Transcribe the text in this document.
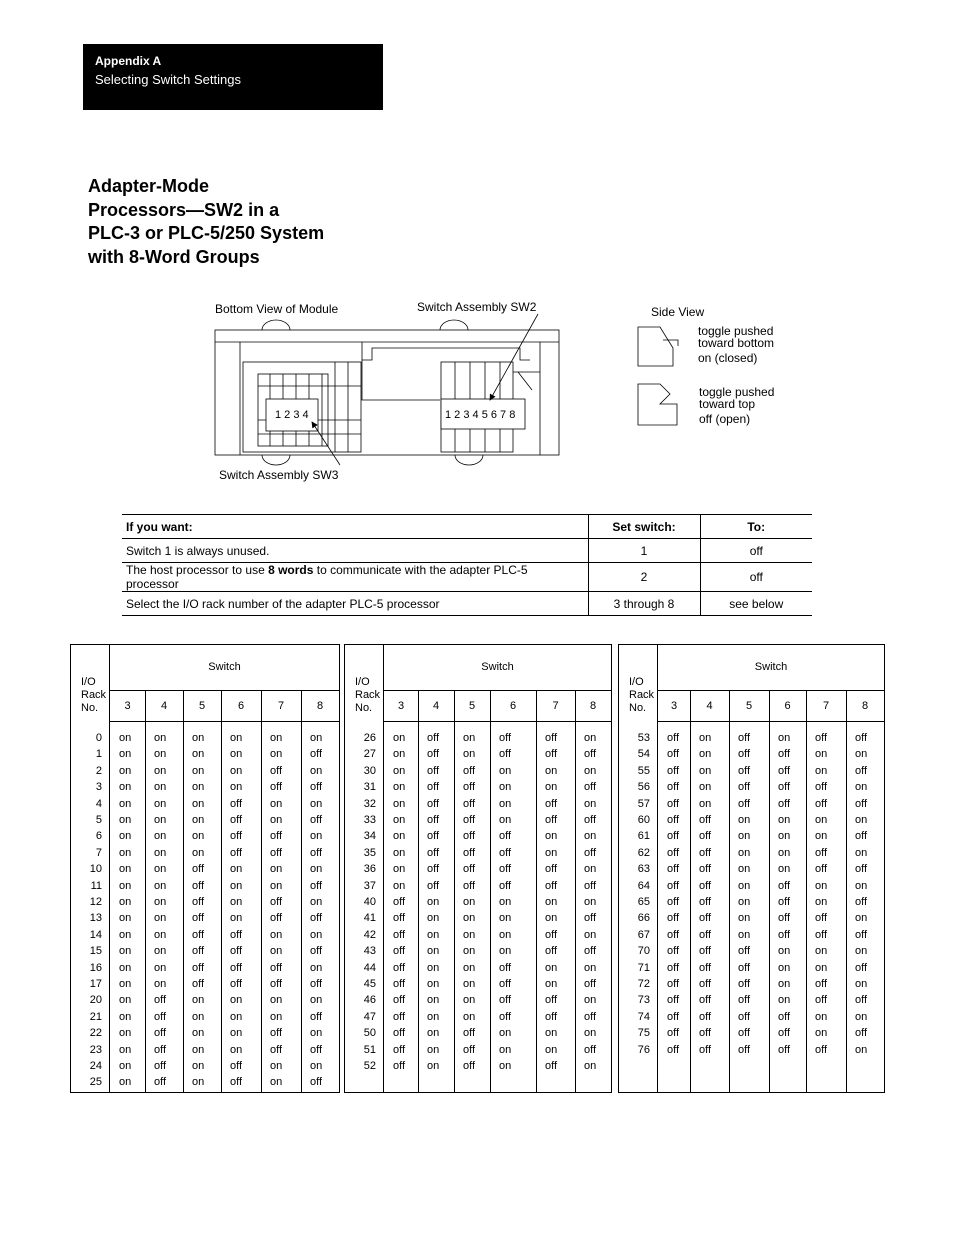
Appendix A
Selecting Switch Settings
Adapter-Mode
Processors—SW2 in a
PLC-3 or PLC-5/250 System
with 8-Word Groups
Bottom View of Module	Switch Assembly SW2
Switch Assembly SW3
1 2 3 4	1 2 3 4 5 6 7 8
Side View
toggle pushed
toward bottom
on (closed)
toggle pushed
toward top
off (open)
If you want:	Set switch:	To:
Switch 1 is always unused.	1	off
The host processor to use 8 words to communicate with the adapter PLC-5 processor	2	off
Select the I/O rack number of the adapter PLC-5 processor	3 through 8	see below
Switch
I/O
Rack
No.	3	4	5	6	7	8
0 on	on	on	on	on	on
1 on	on	on	on	on	off
2 on	on	on	on	off	on
3 on	on	on	on	off	off
4 on	on	on	off	on	on
5 on	on	on	off	on	off
6 on	on	on	off	off	on
7 on	on	on	off	off	off
10 on	on	off	on	on	on
11 on	on	off	on	on	off
12 on	on	off	on	off	on
13 on	on	off	on	off	off
14 on	on	off	off	on	on
15 on	on	off	off	on	off
16 on	on	off	off	off	on
17 on	on	off	off	off	off
20 on	off	on	on	on	on
21 on	off	on	on	on	off
22 on	off	on	on	off	on
23 on	off	on	on	off	off
24 on	off	on	off	on	on
25 on	off	on	off	on	off
Switch
I/O
Rack
No.	3	4	5	6	7	8
26 on	off	on	off	off	on
27 on	off	on	off	off	off
30 on	off	off	on	on	on
31 on	off	off	on	on	off
32 on	off	off	on	off	on
33 on	off	off	on	off	off
34 on	off	off	off	on	on
35 on	off	off	off	on	off
36 on	off	off	off	off	on
37 on	off	off	off	off	off
40 off	on	on	on	on	on
41 off	on	on	on	on	off
42 off	on	on	on	off	on
43 off	on	on	on	off	off
44 off	on	on	off	on	on
45 off	on	on	off	on	off
46 off	on	on	off	off	on
47 off	on	on	off	off	off
50 off	on	off	on	on	on
51 off	on	off	on	on	off
52 off	on	off	on	off	on
Switch
I/O
Rack
No.	3	4	5	6	7	8
53 off	on	off	on	off	off
54 off	on	off	off	on	on
55 off	on	off	off	on	off
56 off	on	off	off	off	on
57 off	on	off	off	off	off
60 off	off	on	on	on	on
61 off	off	on	on	on	off
62 off	off	on	on	off	on
63 off	off	on	on	off	off
64 off	off	on	off	on	on
65 off	off	on	off	on	off
66 off	off	on	off	off	on
67 off	off	on	off	off	off
70 off	off	off	on	on	on
71 off	off	off	on	on	off
72 off	off	off	on	off	on
73 off	off	off	on	off	off
74 off	off	off	off	on	on
75 off	off	off	off	on	off
76 off	off	off	off	off	on
